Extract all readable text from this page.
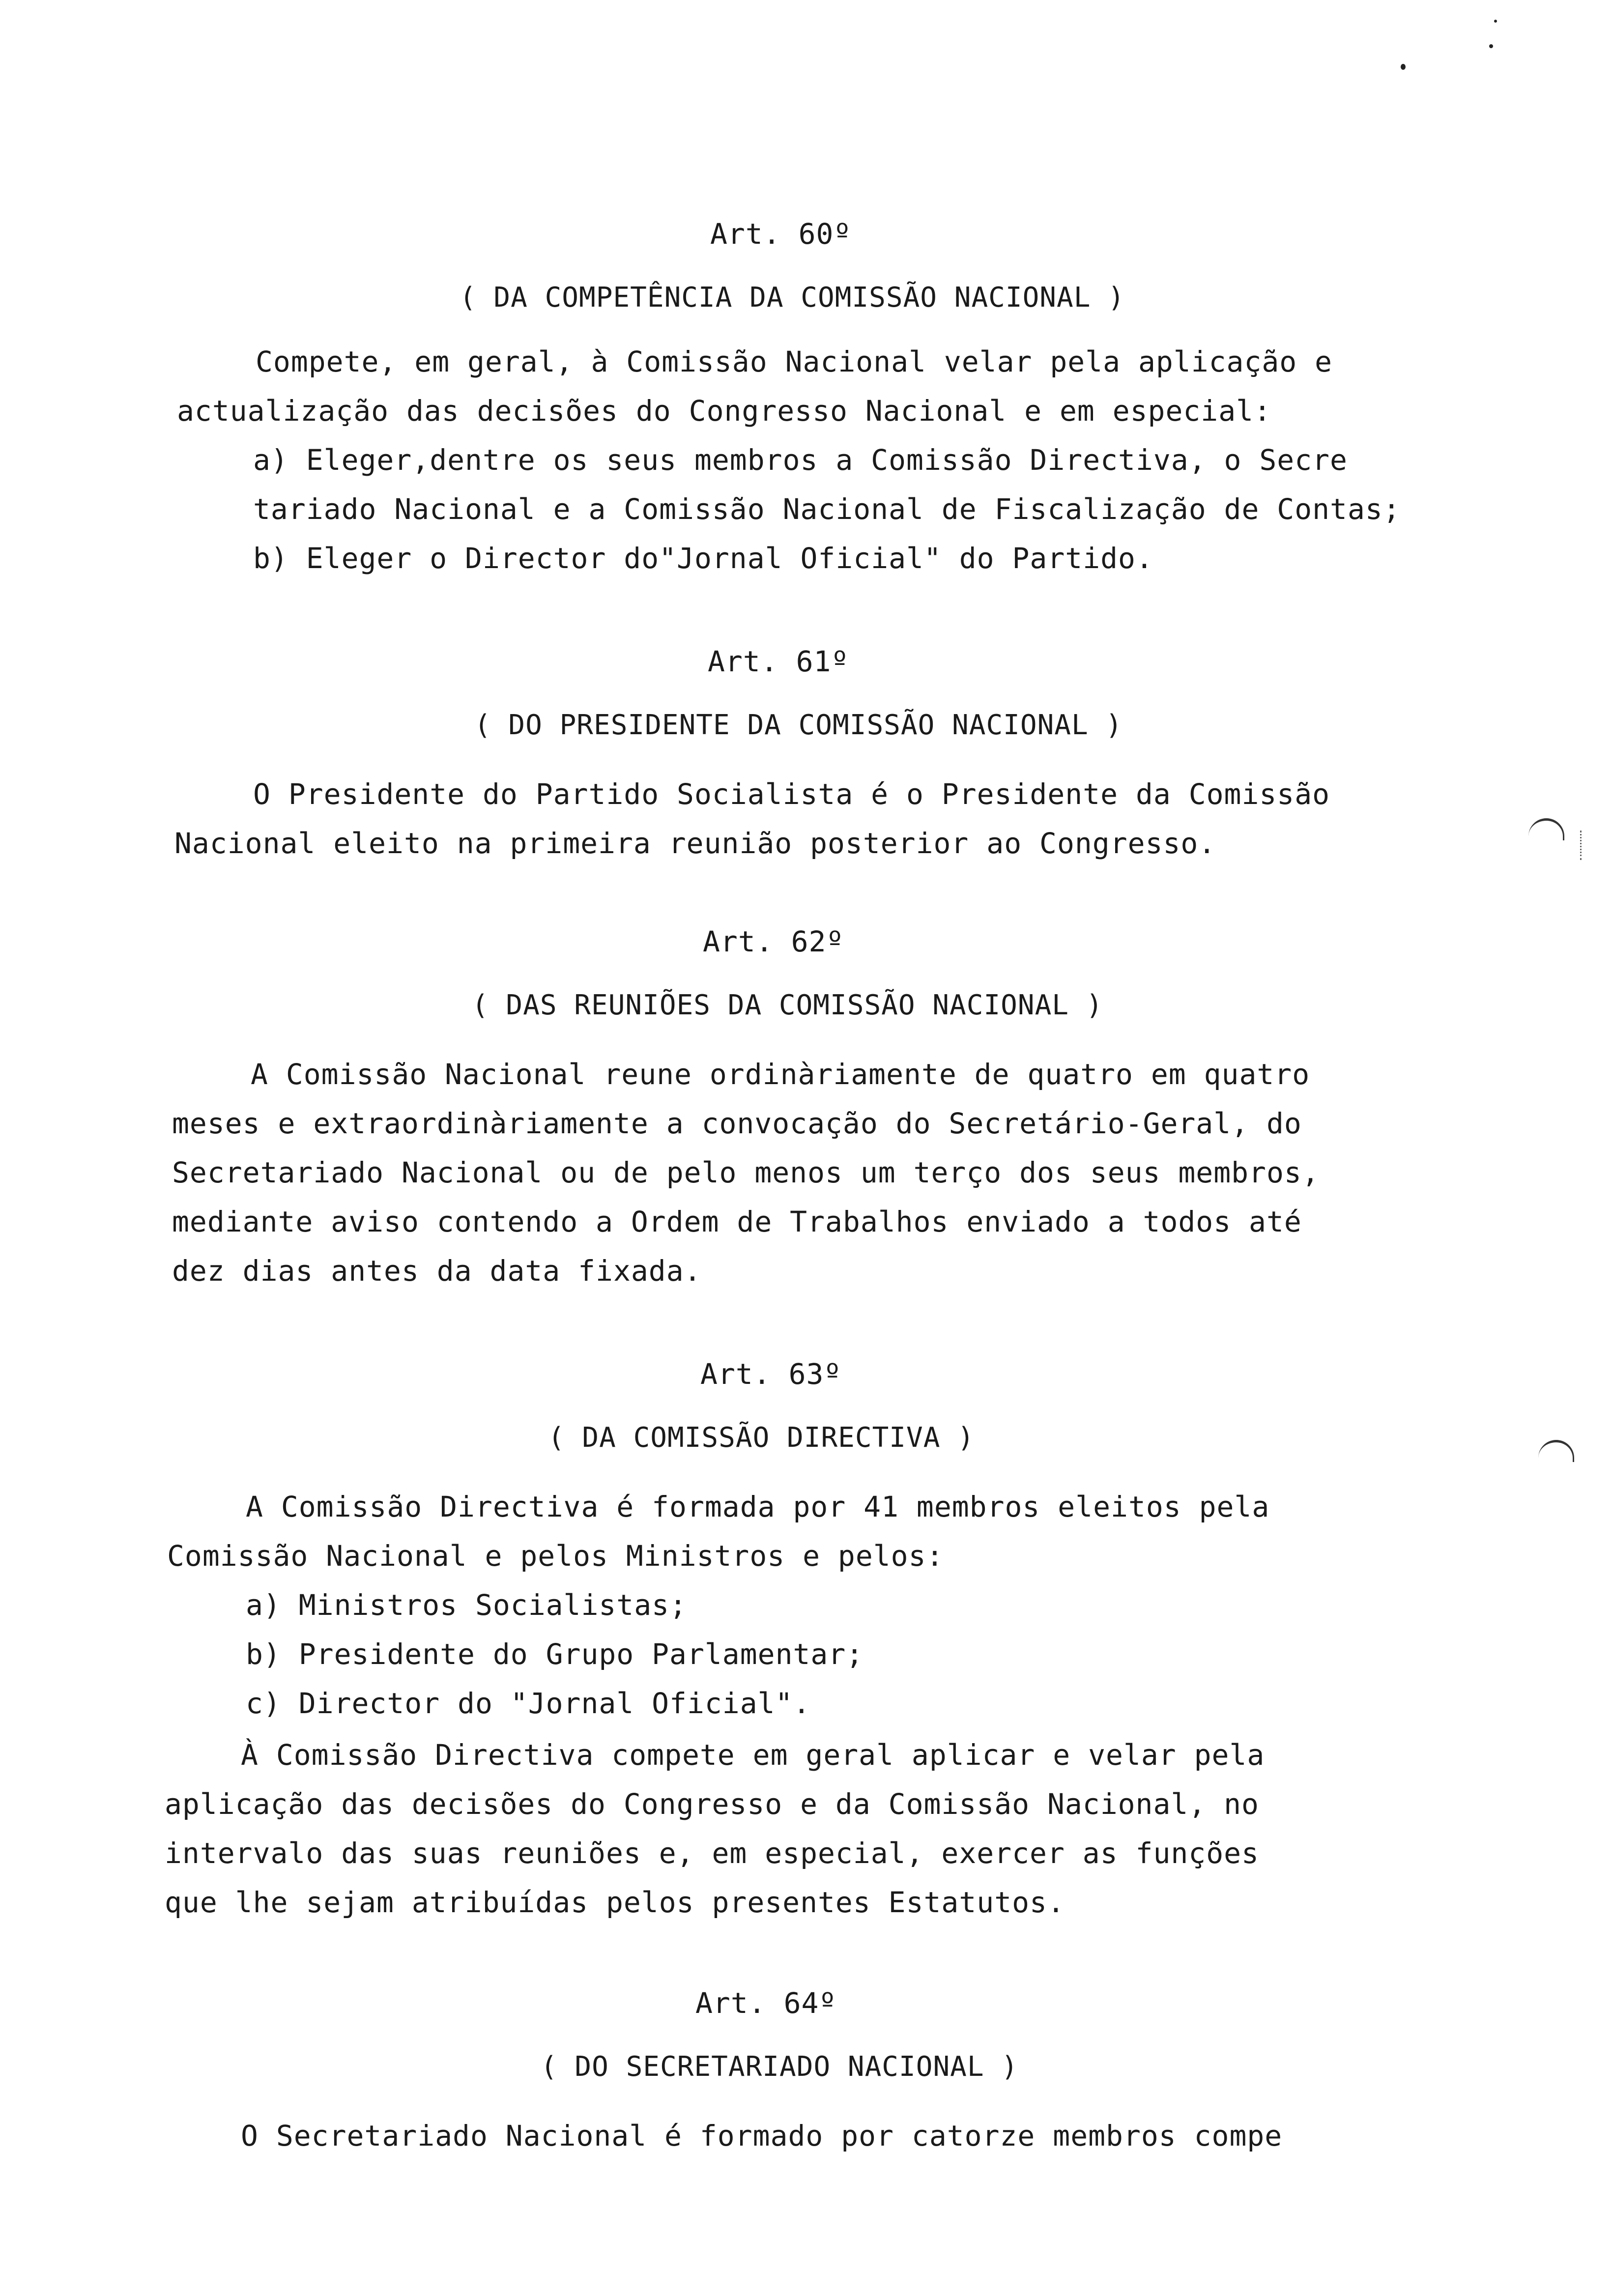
Art. 60º
( DA COMPETÊNCIA DA COMISSÃO NACIONAL )
Compete, em geral, à Comissão Nacional velar pela aplicação e
actualização das decisões do Congresso Nacional e em especial:
a) Eleger,dentre os seus membros a Comissão Directiva, o Secre
tariado Nacional e a Comissão Nacional de Fiscalização de Contas;
b) Eleger o Director do"Jornal Oficial" do Partido.
Art. 61º
( DO PRESIDENTE DA COMISSÃO NACIONAL )
O Presidente do Partido Socialista é o Presidente da Comissão
Nacional eleito na primeira reunião posterior ao Congresso.
Art. 62º
( DAS REUNIÕES DA COMISSÃO NACIONAL )
A Comissão Nacional reune ordinàriamente de quatro em quatro
meses e extraordinàriamente a convocação do Secretário-Geral, do
Secretariado Nacional ou de pelo menos um terço dos seus membros,
mediante aviso contendo a Ordem de Trabalhos enviado a todos até
dez dias antes da data fixada.
Art. 63º
( DA COMISSÃO DIRECTIVA )
A Comissão Directiva é formada por 41 membros eleitos pela
Comissão Nacional e pelos Ministros e pelos:
a) Ministros Socialistas;
b) Presidente do Grupo Parlamentar;
c) Director do "Jornal Oficial".
À Comissão Directiva compete em geral aplicar e velar pela
aplicação das decisões do Congresso e da Comissão Nacional, no
intervalo das suas reuniões e, em especial, exercer as funções
que lhe sejam atribuídas pelos presentes Estatutos.
Art. 64º
( DO SECRETARIADO NACIONAL )
O Secretariado Nacional é formado por catorze membros compe
